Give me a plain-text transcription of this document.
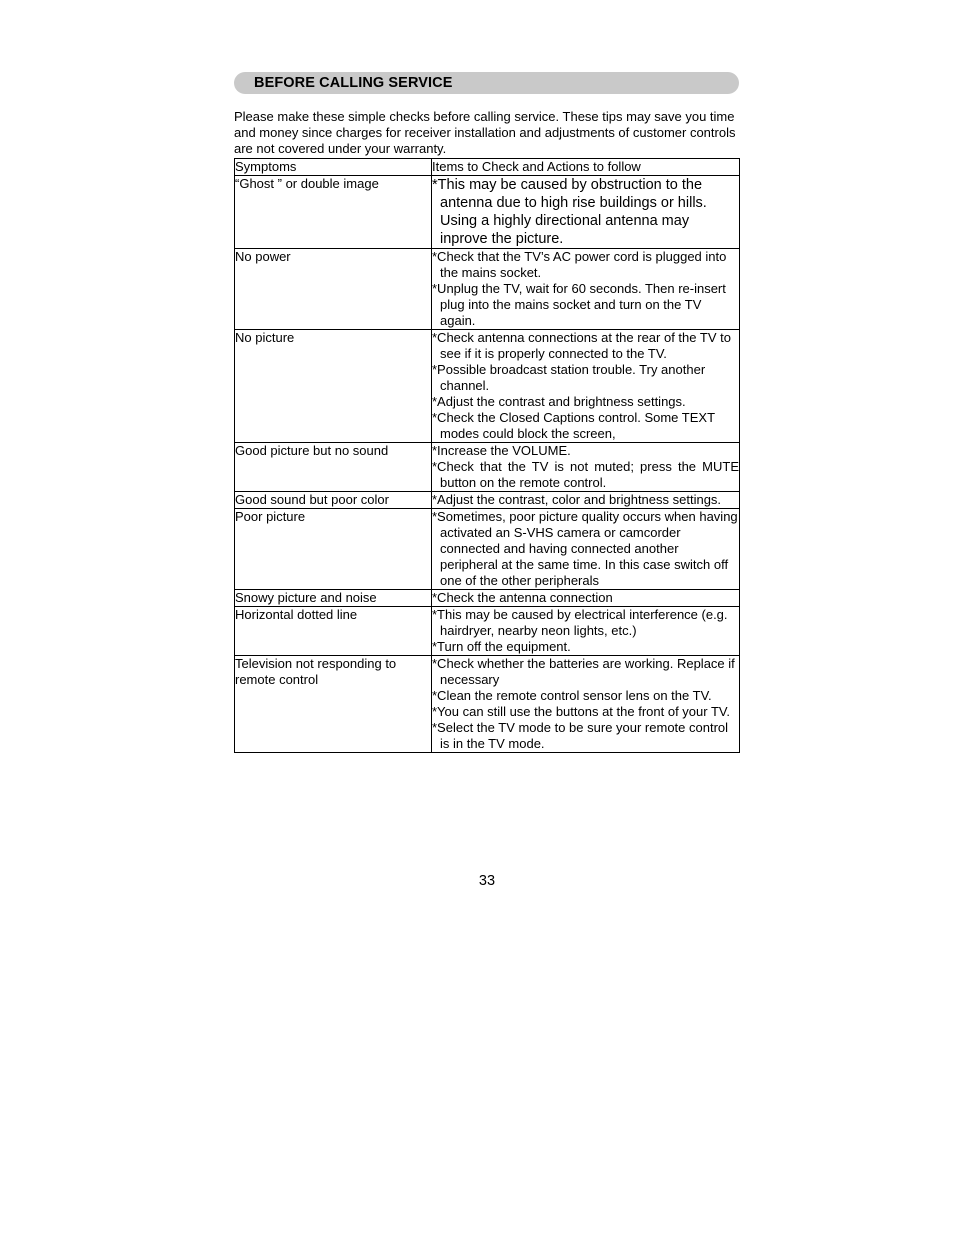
BEFORE CALLING SERVICE

Please make these simple checks before calling service. These tips may save you time and money since charges for receiver installation and adjustments of customer controls are not covered under your warranty.

Symptoms	Items to Check and Actions to follow
“Ghost ” or double image	*This may be caused by obstruction to the antenna due to high rise buildings or hills. Using a highly directional antenna may inprove the picture.

No power	*Check that the TV’s AC power cord is plugged into the mains socket.

*Unplug the TV, wait for 60 seconds. Then re-insert plug into the mains socket and turn on the TV again.

No picture	*Check antenna connections at the rear of the TV to see if it is properly connected to the TV.

*Possible broadcast station trouble. Try another channel.

*Adjust the contrast and brightness settings.

*Check the Closed Captions control. Some TEXT modes could block the screen,

Good picture but no sound	*Increase the VOLUME.

*Check that the TV is not muted; press the MUTE button on the remote control.

Good sound but poor color	*Adjust the contrast, color and brightness settings.

Poor picture	*Sometimes, poor picture quality occurs when having activated an S-VHS camera or camcorder connected and having connected another peripheral at the same time. In this case switch off one of the other peripherals

Snowy picture and noise	*Check the antenna connection

Horizontal dotted line	*This may be caused by electrical interference (e.g. hairdryer, nearby neon lights, etc.)

*Turn off the equipment.

Television not responding to remote control	*Check whether the batteries are working. Replace if necessary

*Clean the remote control sensor lens on the TV.

*You can still use the buttons at the front of your TV.

*Select the TV mode to be sure your remote control is in the TV mode.

33
